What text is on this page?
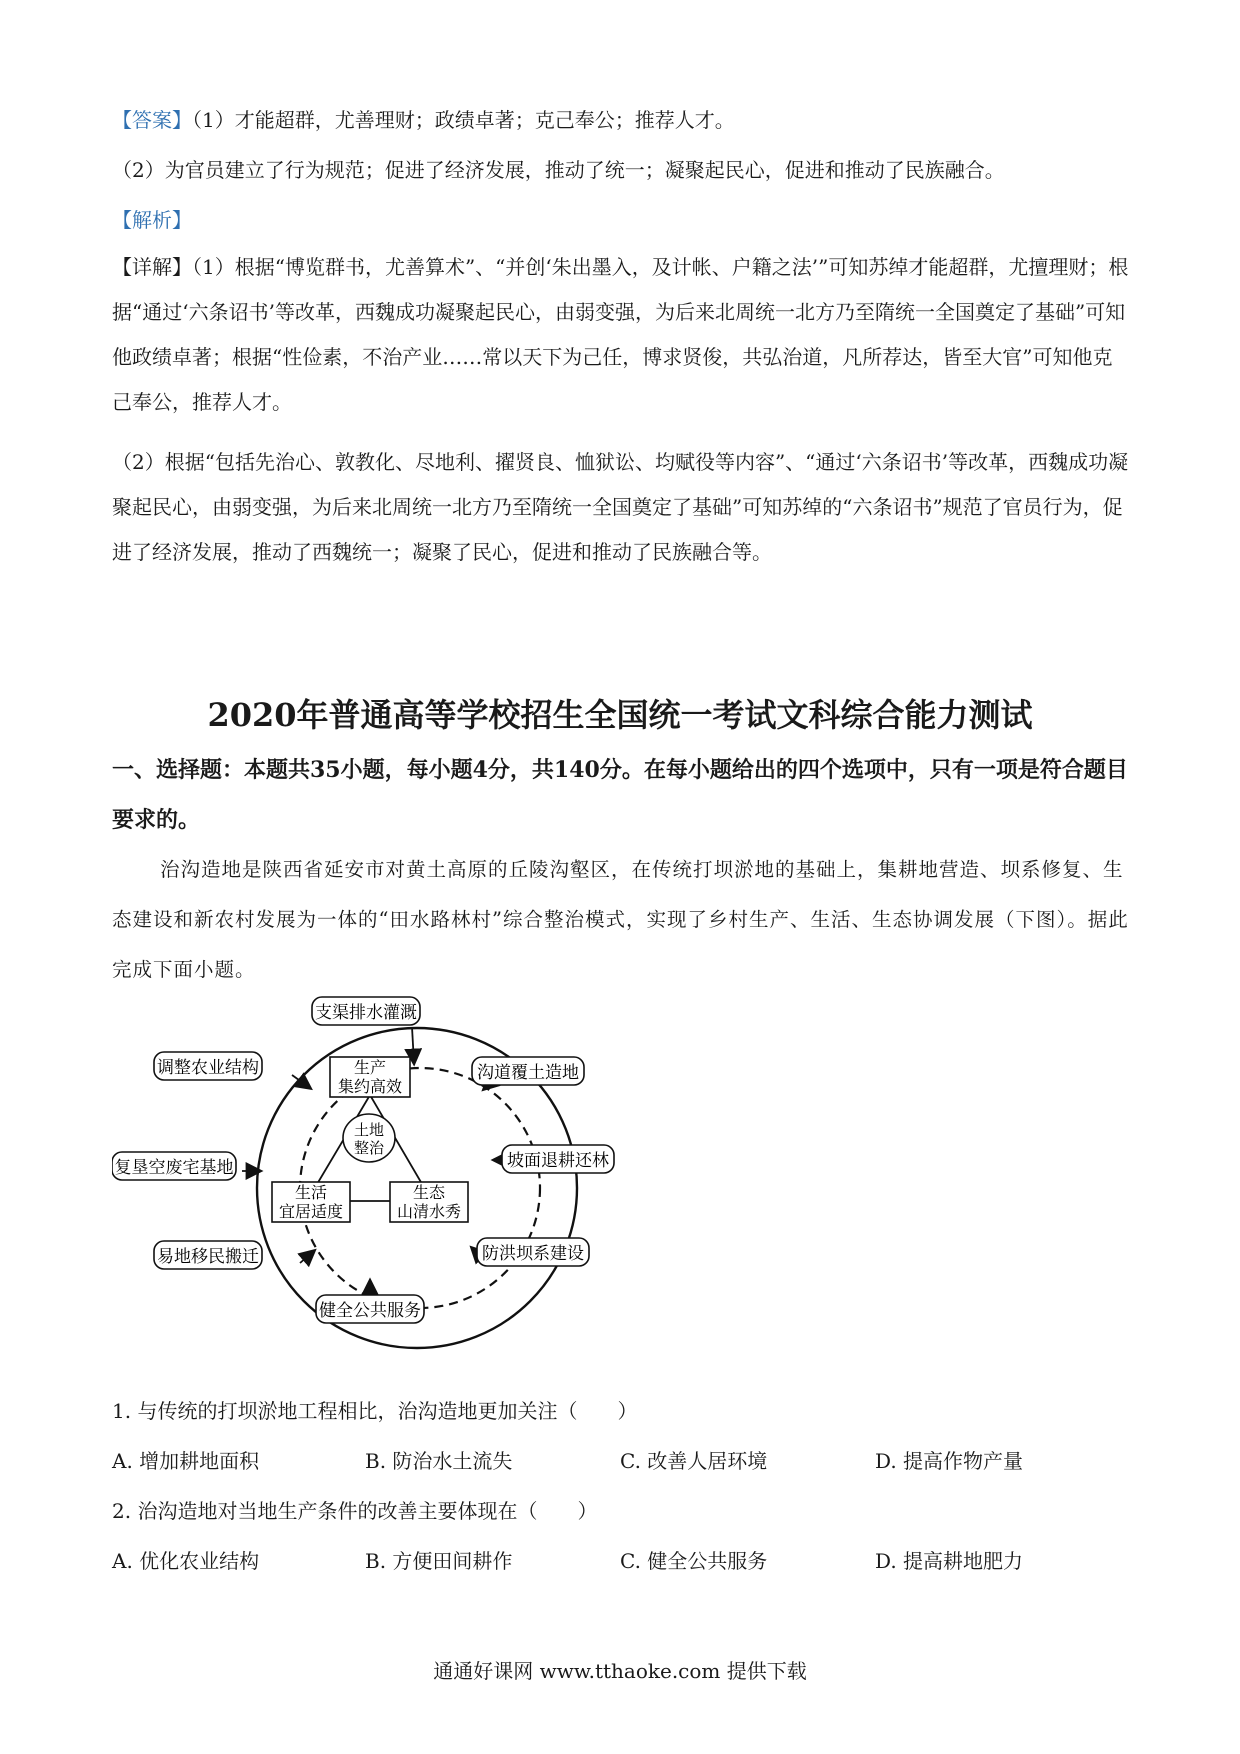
【答案】（1）才能超群，尤善理财；政绩卓著；克己奉公；推荐人才。

（2）为官员建立了行为规范；促进了经济发展，推动了统一；凝聚起民心，促进和推动了民族融合。

【解析】

【详解】（1）根据“博览群书，尤善算术”、“并创‘朱出墨入，及计帐、户籍之法’”可知苏绰才能超群，尤擅理财；根据“通过‘六条诏书’等改革，西魏成功凝聚起民心，由弱变强，为后来北周统一北方乃至隋统一全国奠定了基础”可知他政绩卓著；根据“性俭素，不治产业……常以天下为己任，博求贤俊，共弘治道，凡所荐达，皆至大官”可知他克己奉公，推荐人才。

（2）根据“包括先治心、敦教化、尽地利、擢贤良、恤狱讼、均赋役等内容”、“通过‘六条诏书’等改革，西魏成功凝聚起民心，由弱变强，为后来北周统一北方乃至隋统一全国奠定了基础”可知苏绰的“六条诏书”规范了官员行为，促进了经济发展，推动了西魏统一；凝聚了民心，促进和推动了民族融合等。

2020年普通高等学校招生全国统一考试文科综合能力测试

一、选择题：本题共35小题，每小题4分，共140分。在每小题给出的四个选项中，只有一项是符合题目要求的。

治沟造地是陕西省延安市对黄土高原的丘陵沟壑区，在传统打坝淤地的基础上，集耕地营造、坝系修复、生态建设和新农村发展为一体的“田水路林村”综合整治模式，实现了乡村生产、生活、生态协调发展（下图）。据此完成下面小题。

支渠排水灌溉
沟道覆土造地
坡面退耕还林
防洪坝系建设
健全公共服务
易地移民搬迁
复垦空废宅基地
调整农业结构	生产
集约高效
生活
宜居适度
生态
山清水秀
土地
整治

1. 与传统的打坝淤地工程相比，治沟造地更加关注（　　）

A. 增加耕地面积	B. 防治水土流失	C. 改善人居环境	D. 提高作物产量

2. 治沟造地对当地生产条件的改善主要体现在（　　）

A. 优化农业结构	B. 方便田间耕作	C. 健全公共服务	D. 提高耕地肥力

通通好课网 www.tthaoke.com 提供下载
